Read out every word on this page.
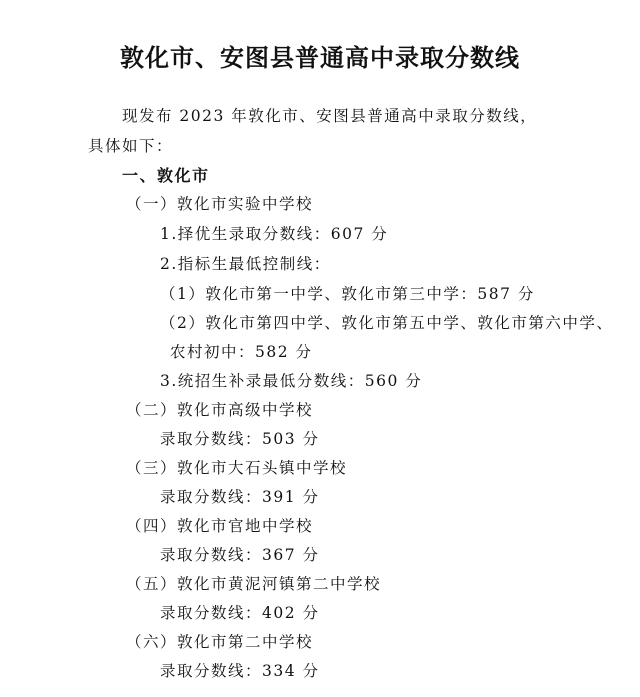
敦化市、安图县普通高中录取分数线
现发布 2023 年敦化市、安图县普通高中录取分数线，
具体如下：
一、敦化市
（一）敦化市实验中学校
1.择优生录取分数线：607 分
2.指标生最低控制线：
（1）敦化市第一中学、敦化市第三中学：587 分
（2）敦化市第四中学、敦化市第五中学、敦化市第六中学、
农村初中：582 分
3.统招生补录最低分数线：560 分
（二）敦化市高级中学校
录取分数线：503 分
（三）敦化市大石头镇中学校
录取分数线：391 分
（四）敦化市官地中学校
录取分数线：367 分
（五）敦化市黄泥河镇第二中学校
录取分数线：402 分
（六）敦化市第二中学校
录取分数线：334 分
